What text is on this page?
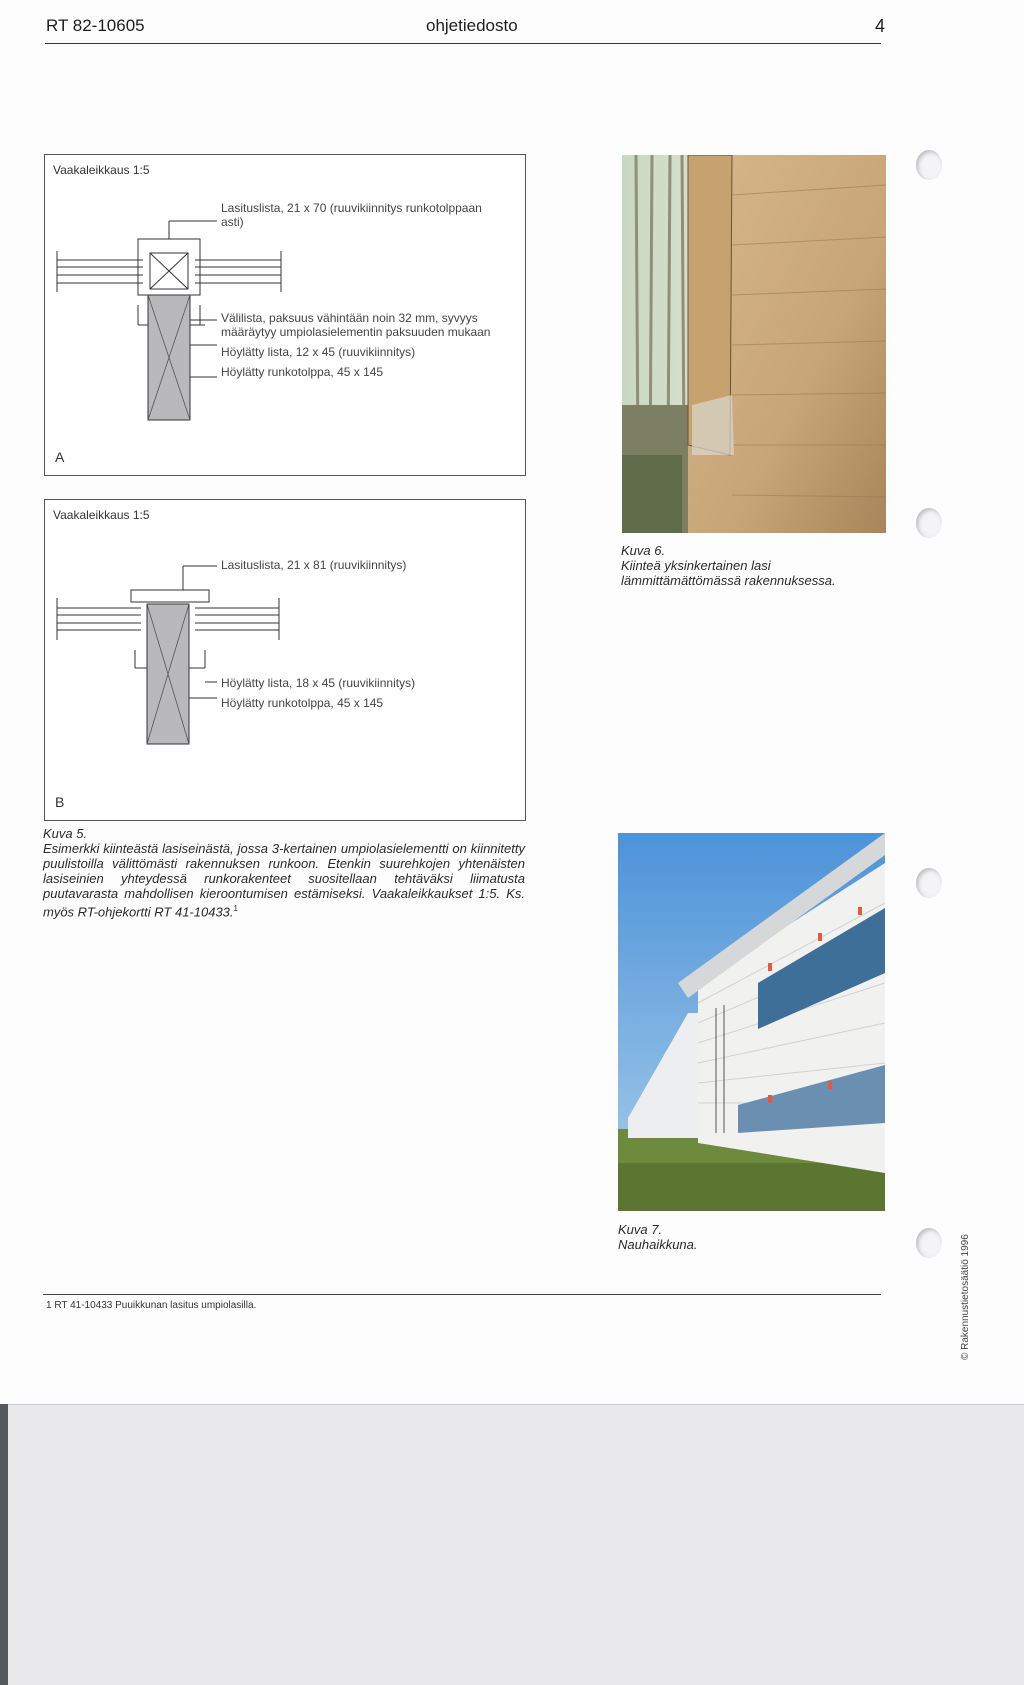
RT 82-10605	ohjetiedosto	4
Vaakaleikkaus 1:5
Lasituslista, 21 x 70 (ruuvikiinnitys runkotolppaan asti)
Välilista, paksuus vähintään noin 32 mm, syvyys määräytyy umpiolasielementin paksuuden mukaan
Höylätty lista, 12 x 45 (ruuvikiinnitys)
Höylätty runkotolppa, 45 x 145
A
Vaakaleikkaus 1:5
Lasituslista, 21 x 81 (ruuvikiinnitys)
Höylätty lista, 18 x 45 (ruuvikiinnitys)
Höylätty runkotolppa, 45 x 145
B
Kuva 5.
Esimerkki kiinteästä lasiseinästä, jossa 3-kertainen umpiolasielementti on kiinnitetty puulistoilla välittömästi rakennuksen runkoon. Etenkin suurehkojen yhtenäisten lasiseinien yhteydessä runkorakenteet suositellaan tehtäväksi liimatusta puutavarasta mahdollisen kieroontumisen estämiseksi. Vaakaleikkaukset 1:5. Ks. myös RT-ohjekortti RT 41-10433.$^1$
Kuva 6.
Kiinteä yksinkertainen lasi lämmittämättömässä rakennuksessa.
Kuva 7.
Nauhaikkuna.
1 RT 41-10433 Puuikkunan lasitus umpiolasilla.	© Rakennustietosäätiö 1996
